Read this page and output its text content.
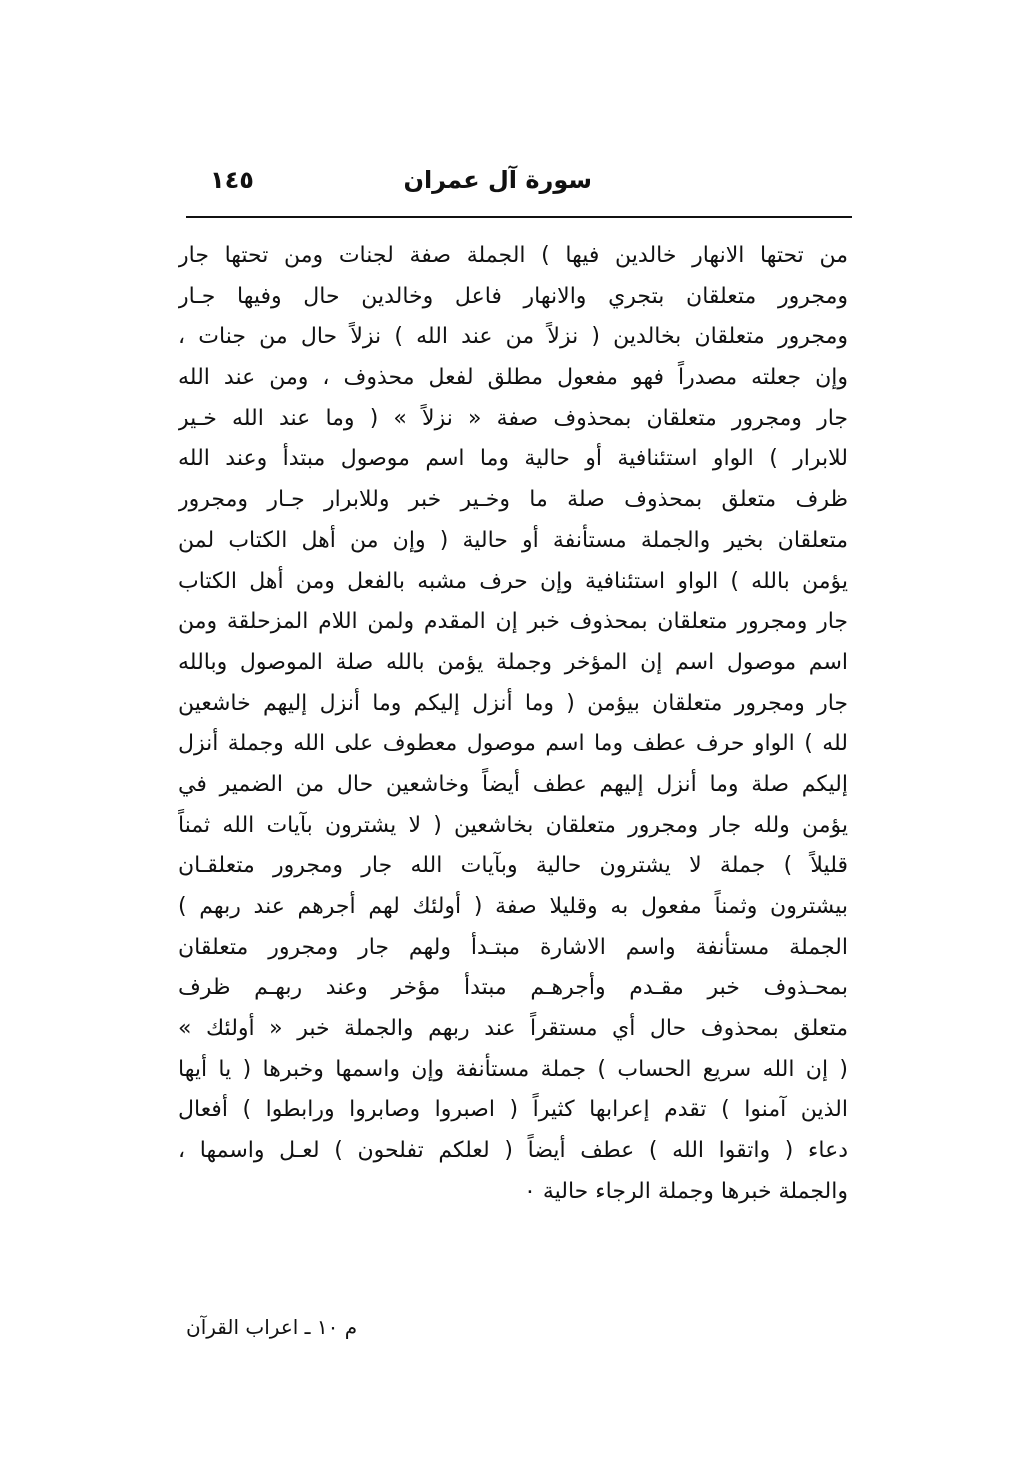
سورة آل عمران
١٤٥
من تحتها الانهار خالدين فيها ) الجملة صفة لجنات ومن تحتها جار
ومجرور متعلقان بتجري والانهار فاعل وخالدين حال وفيها جـار
ومجرور متعلقان بخالدين ( نزلاً من عند الله ) نزلاً حال من جنات ،
وإن جعلته مصدراً فهو مفعول مطلق لفعل محذوف ، ومن عند الله
جار ومجرور متعلقان بمحذوف صفة « نزلاً » ( وما عند الله خـير
للابرار ) الواو استئنافية أو حالية وما اسم موصول مبتدأ وعند الله
ظرف متعلق بمحذوف صلة ما وخـير خبر وللابرار جـار ومجرور
متعلقان بخير والجملة مستأنفة أو حالية ( وإن من أهل الكتاب لمن
يؤمن بالله ) الواو استئنافية وإن حرف مشبه بالفعل ومن أهل الكتاب
جار ومجرور متعلقان بمحذوف خبر إن المقدم ولمن اللام المزحلقة ومن
اسم موصول اسم إن المؤخر وجملة يؤمن بالله صلة الموصول وبالله
جار ومجرور متعلقان بيؤمن ( وما أنزل إليكم وما أنزل إليهم خاشعين
لله ) الواو حرف عطف وما اسم موصول معطوف على الله وجملة أنزل
إليكم صلة وما أنزل إليهم عطف أيضاً وخاشعين حال من الضمير في
يؤمن ولله جار ومجرور متعلقان بخاشعين ( لا يشترون بآيات الله ثمناً
قليلاً ) جملة لا يشترون حالية وبآيات الله جار ومجرور متعلقـان
بيشترون وثمناً مفعول به وقليلا صفة ( أولئك لهم أجرهم عند ربهم )
الجملة مستأنفة واسم الاشارة مبتـدأ ولهم جار ومجرور متعلقان
بمحـذوف خبر مقـدم وأجرهـم مبتدأ مؤخر وعند ربهـم ظرف
متعلق بمحذوف حال أي مستقراً عند ربهم والجملة خبر « أولئك »
( إن الله سريع الحساب ) جملة مستأنفة وإن واسمها وخبرها ( يا أيها
الذين آمنوا ) تقدم إعرابها كثيراً ( اصبروا وصابروا ورابطوا ) أفعال
دعاء ( واتقوا الله ) عطف أيضاً ( لعلكم تفلحون ) لعـل واسمها ،
والجملة خبرها وجملة الرجاء حالية ٠
م ١٠ ـ اعراب القرآن
